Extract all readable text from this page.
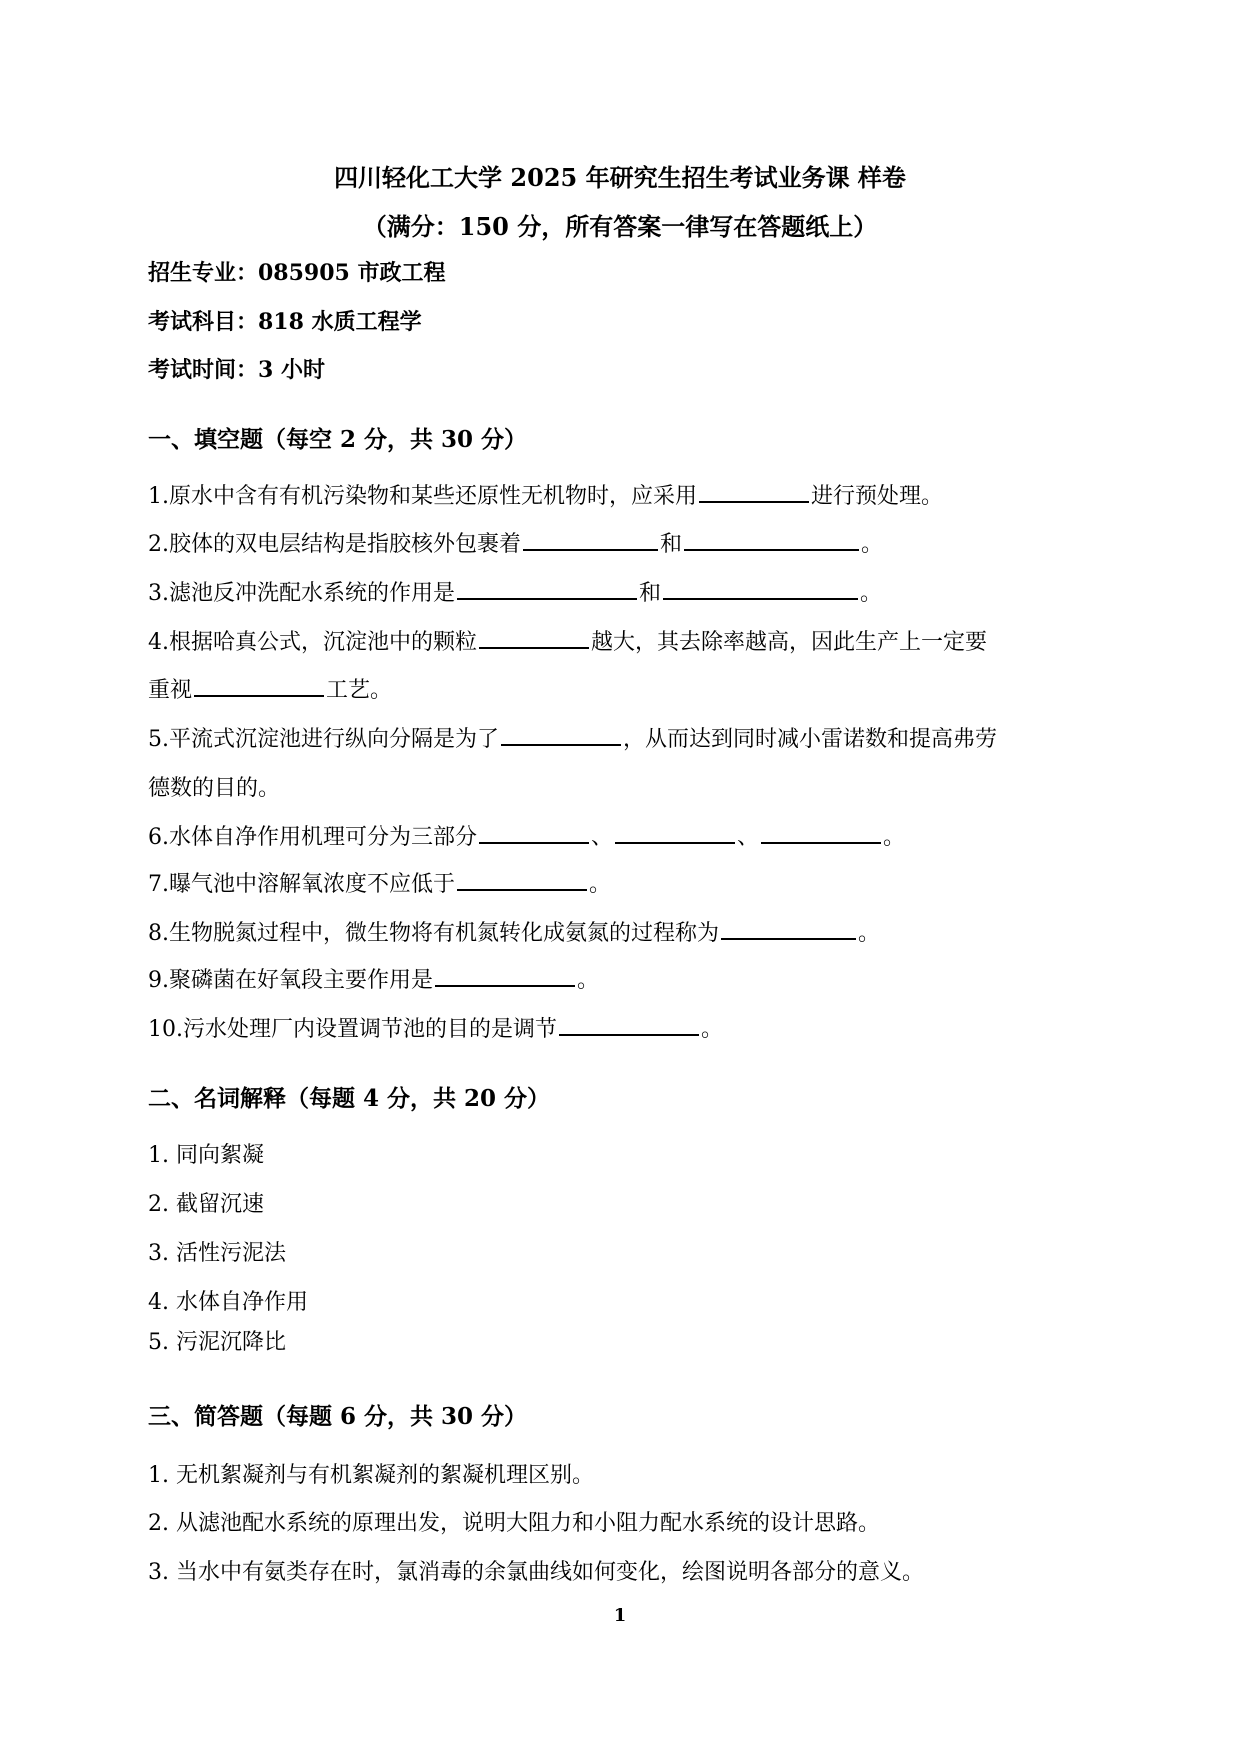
四川轻化工大学 2025 年研究生招生考试业务课 样卷
（满分：150 分，所有答案一律写在答题纸上）
招生专业：085905 市政工程
考试科目：818 水质工程学
考试时间：3 小时
一、填空题（每空 2 分，共 30 分）
1.原水中含有有机污染物和某些还原性无机物时，应采用	进行预处理。
2.胶体的双电层结构是指胶核外包裹着	和	。
3.滤池反冲洗配水系统的作用是	和	。
4.根据哈真公式，沉淀池中的颗粒	越大，其去除率越高，因此生产上一定要
重视	工艺。
5.平流式沉淀池进行纵向分隔是为了	，从而达到同时减小雷诺数和提高弗劳
德数的目的。
6.水体自净作用机理可分为三部分	、	、	。
7.曝气池中溶解氧浓度不应低于	。
8.生物脱氮过程中，微生物将有机氮转化成氨氮的过程称为	。
9.聚磷菌在好氧段主要作用是	。
10.污水处理厂内设置调节池的目的是调节	。
二、名词解释（每题 4 分，共 20 分）
1. 同向絮凝
2. 截留沉速
3. 活性污泥法
4. 水体自净作用
5. 污泥沉降比
三、简答题（每题 6 分，共 30 分）
1. 无机絮凝剂与有机絮凝剂的絮凝机理区别。
2. 从滤池配水系统的原理出发，说明大阻力和小阻力配水系统的设计思路。
3. 当水中有氨类存在时，氯消毒的余氯曲线如何变化，绘图说明各部分的意义。
1
